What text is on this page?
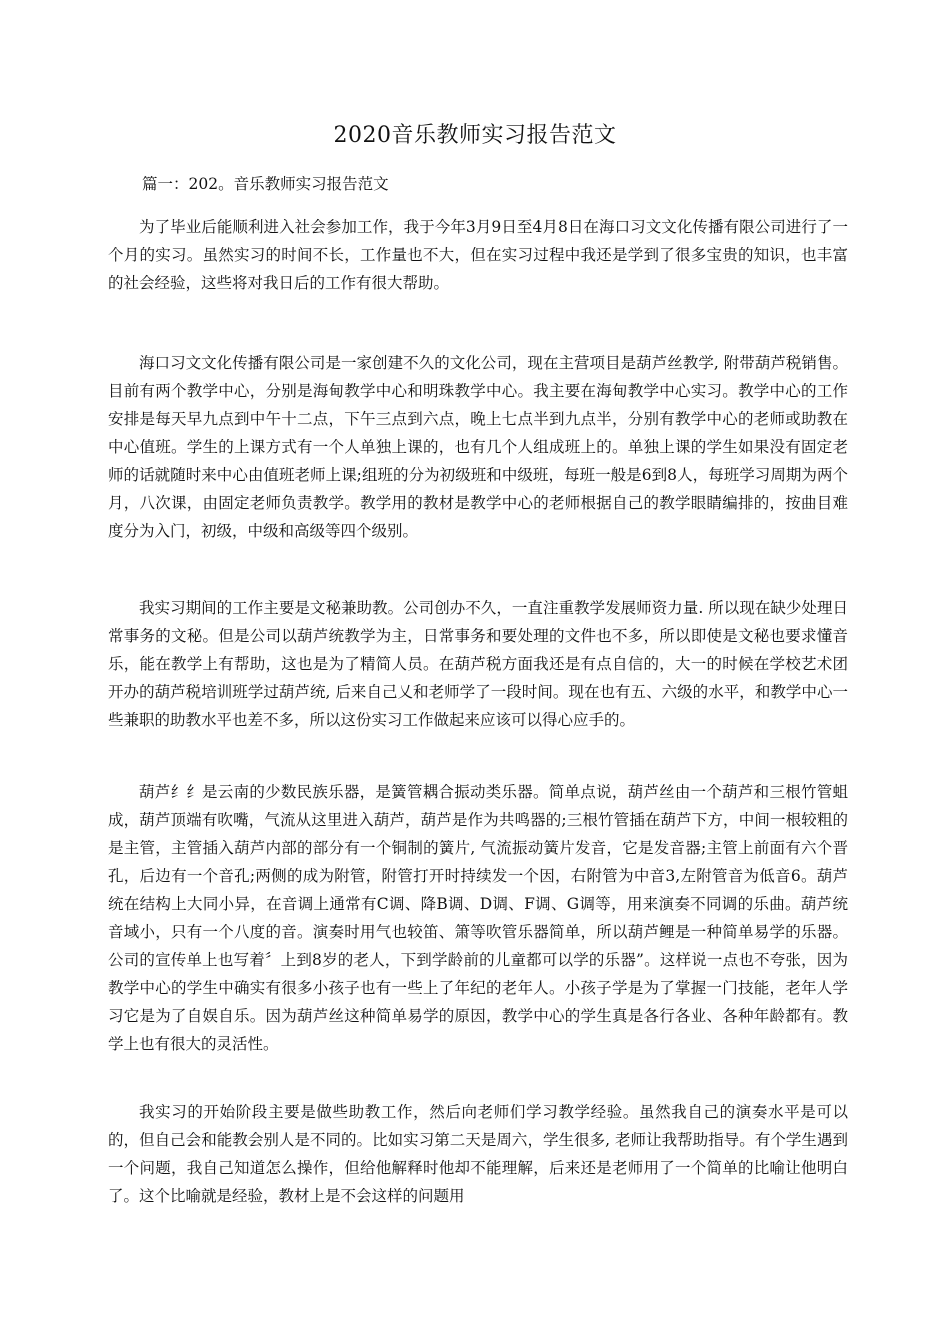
2020音乐教师实习报告范文

篇一：202。音乐教师实习报告范文

为了毕业后能顺利进入社会参加工作，我于今年3月9日至4月8日在海口习文文化传播有限公司进行了一个月的实习。虽然实习的时间不长，工作量也不大，但在实习过程中我还是学到了很多宝贵的知识，也丰富的社会经验，这些将对我日后的工作有很大帮助。

海口习文文化传播有限公司是一家创建不久的文化公司，现在主营项目是葫芦丝教学, 附带葫芦税销售。目前有两个教学中心，分别是海甸教学中心和明珠教学中心。我主要在海甸教学中心实习。教学中心的工作安排是每天早九点到中午十二点，下午三点到六点，晚上七点半到九点半，分别有教学中心的老师或助教在中心值班。学生的上课方式有一个人单独上课的，也有几个人组成班上的。单独上课的学生如果没有固定老师的话就随时来中心由值班老师上课;组班的分为初级班和中级班，每班一般是6到8人，每班学习周期为两个月，八次课，由固定老师负责教学。教学用的教材是教学中心的老师根据自己的教学眼睛编排的，按曲目难度分为入门，初级，中级和高级等四个级别。

我实习期间的工作主要是文秘兼助教。公司创办不久，一直注重教学发展师资力量. 所以现在缺少处理日常事务的文秘。但是公司以葫芦统教学为主，日常事务和要处理的文件也不多，所以即使是文秘也要求懂音乐，能在教学上有帮助，这也是为了精简人员。在葫芦税方面我还是有点自信的，大一的时候在学校艺术团开办的葫芦税培训班学过葫芦统, 后来自己乂和老师学了一段时间。现在也有五、六级的水平，和教学中心一些兼职的助教水平也差不多，所以这份实习工作做起来应该可以得心应手的。

葫芦纟纟是云南的少数民族乐器，是簧管耦合振动类乐器。简单点说，葫芦丝由一个葫芦和三根竹管蛆成，葫芦顶端有吹嘴，气流从这里进入葫芦，葫芦是作为共鸣器的;三根竹管插在葫芦下方，中间一根较粗的是主管，主管插入葫芦内部的部分有一个铜制的簧片, 气流振动簧片发音，它是发音器;主管上前面有六个晋孔，后边有一个音孔;两侧的成为附管，附管打开时持续发一个因，右附管为中音3,左附管音为低音6。葫芦统在结构上大同小异，在音调上通常有C调、降B调、D调、F调、G调等，用来演奏不同调的乐曲。葫芦统音域小，只有一个八度的音。演奏时用气也较笛、箫等吹管乐器简单，所以葫芦鲤是一种简单易学的乐器。公司的宣传单上也写着〞上到8岁的老人，下到学龄前的儿童都可以学的乐器”。这样说一点也不夸张，因为教学中心的学生中确实有很多小孩子也有一些上了年纪的老年人。小孩子学是为了掌握一门技能，老年人学习它是为了自娱自乐。因为葫芦丝这种简单易学的原因，教学中心的学生真是各行各业、各种年龄都有。教学上也有很大的灵活性。

我实习的开始阶段主要是做些助教工作，然后向老师们学习教学经验。虽然我自己的演奏水平是可以的，但自己会和能教会别人是不同的。比如实习第二天是周六，学生很多, 老师让我帮助指导。有个学生遇到一个问题，我自己知道怎么操作，但给他解释时他却不能理解，后来还是老师用了一个简单的比喻让他明白了。这个比喻就是经验，教材上是不会这样的问题用
